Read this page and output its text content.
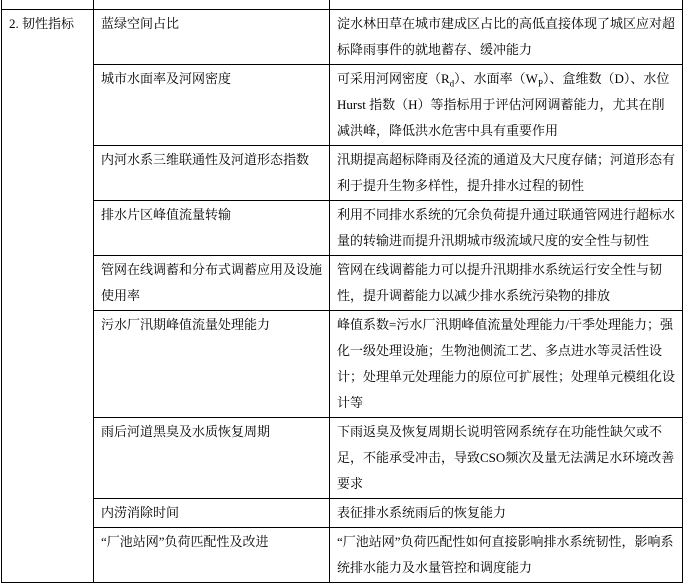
2. 韧性指标	蓝绿空间占比	淀水林田草在城市建成区占比的高低直接体现了城区应对超标降雨事件的就地蓄存、缓冲能力
	城市水面率及河网密度	可采用河网密度$(R_d)$、水面率$(W_P)$、盒维数（D）、水位Hurst 指数（H）等指标用于评估河网调蓄能力，尤其在削减洪峰，降低洪水危害中具有重要作用
	内河水系三维联通性及河道形态指数	汛期提高超标降雨及径流的通道及大尺度存储；河道形态有利于提升生物多样性，提升排水过程的韧性
	排水片区峰值流量转输	利用不同排水系统的冗余负荷提升通过联通管网进行超标水量的转输进而提升汛期城市级流域尺度的安全性与韧性
	管网在线调蓄和分布式调蓄应用及设施使用率	管网在线调蓄能力可以提升汛期排水系统运行安全性与韧性，提升调蓄能力以减少排水系统污染物的排放
	污水厂汛期峰值流量处理能力	峰值系数=污水厂汛期峰值流量处理能力/干季处理能力；强化一级处理设施；生物池侧流工艺、多点进水等灵活性设计；处理单元处理能力的原位可扩展性；处理单元模组化设计等
	雨后河道黑臭及水质恢复周期	下雨返臭及恢复周期长说明管网系统存在功能性缺欠或不足，不能承受冲击，导致CSO频次及量无法满足水环境改善要求
	内涝消除时间	表征排水系统雨后的恢复能力
	“厂池站网”负荷匹配性及改进	“厂池站网”负荷匹配性如何直接影响排水系统韧性，影响系统排水能力及水量管控和调度能力
